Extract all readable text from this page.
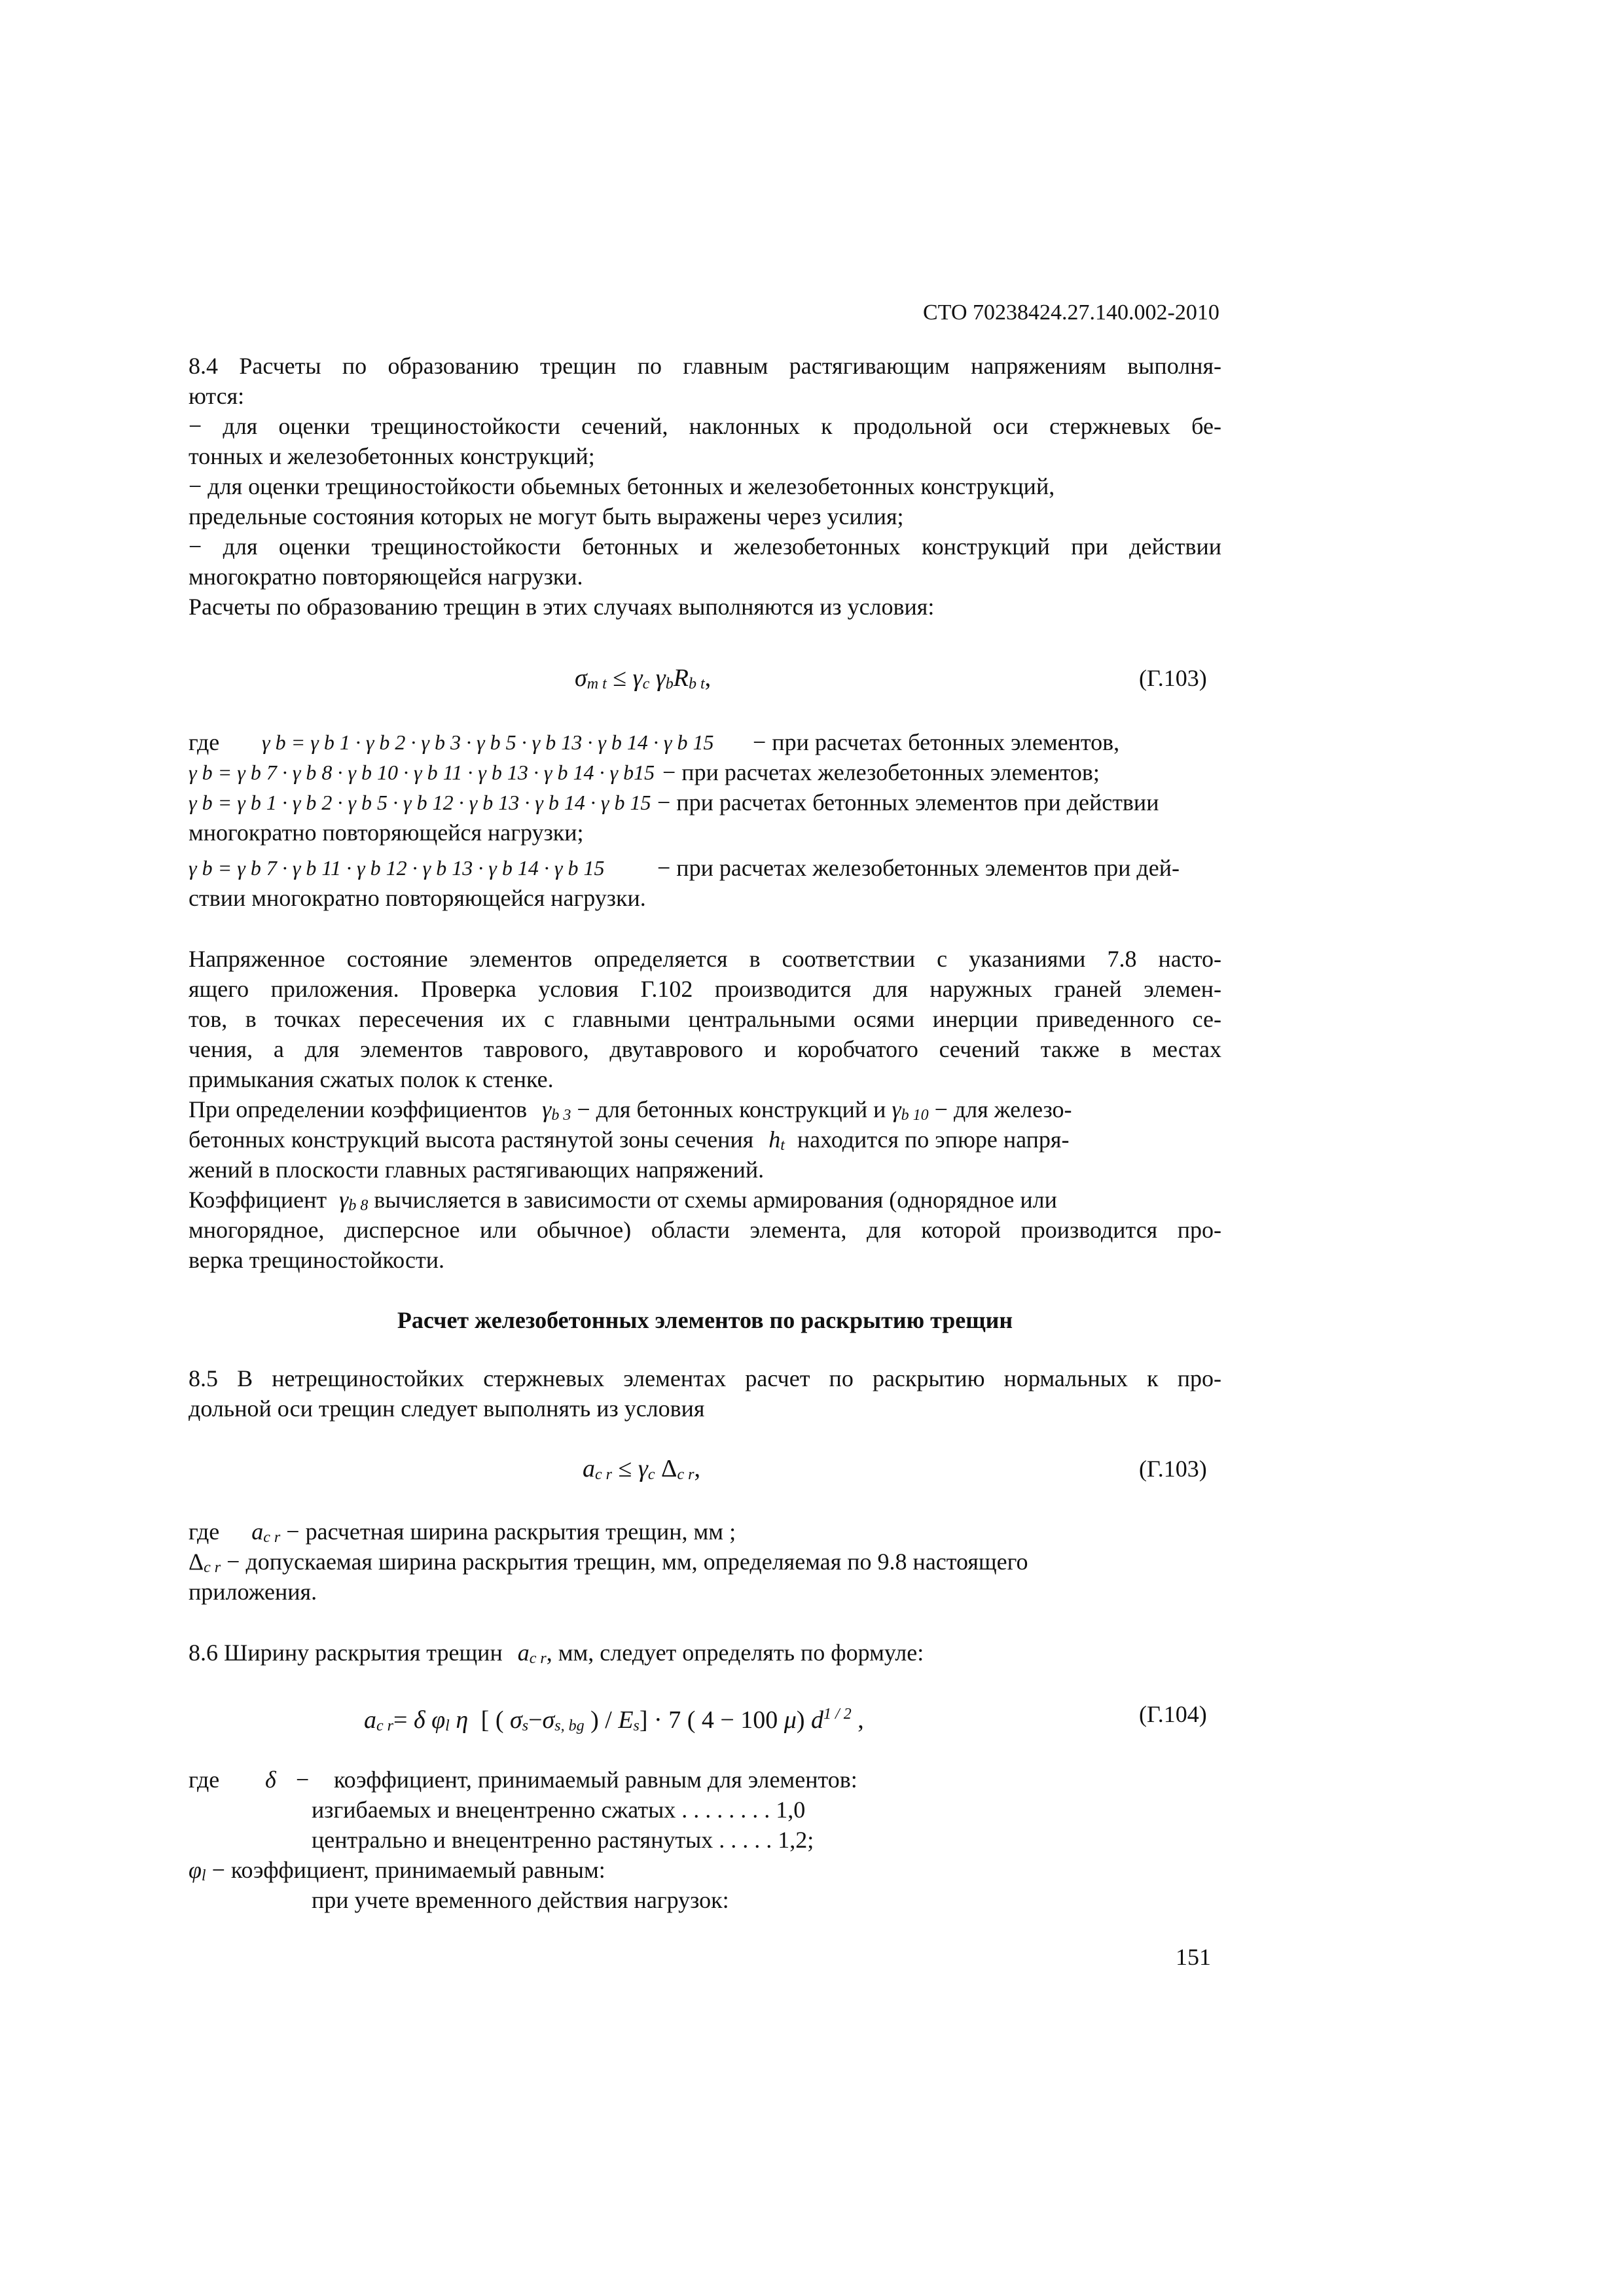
СТО 70238424.27.140.002-2010
8.4 Расчеты по образованию трещин по главным растягивающим напряжениям выполня-
ются:
− для оценки трещиностойкости сечений, наклонных к продольной оси стержневых бе-
тонных и железобетонных конструкций;
− для оценки трещиностойкости обьемных бетонных и железобетонных конструкций,
предельные состояния которых не могут быть выражены через усилия;
− для оценки трещиностойкости бетонных и железобетонных конструкций при действии
многократно повторяющейся нагрузки.
Расчеты по образованию трещин в этих случаях выполняются из условия:
σm t ≤ γc γbRb t,	(Г.103)
где γ b = γ b 1 · γ b 2 · γ b 3 · γ b 5 · γ b 13 · γ b 14 · γ b 15 − при расчетах бетонных элементов,
γ b = γ b 7 · γ b 8 · γ b 10 · γ b 11 · γ b 13 · γ b 14 · γ b15 − при расчетах железобетонных элементов;
γ b = γ b 1 · γ b 2 · γ b 5 · γ b 12 · γ b 13 · γ b 14 · γ b 15 − при расчетах бетонных элементов при действии
многократно повторяющейся нагрузки;
γ b = γ b 7 · γ b 11 · γ b 12 · γ b 13 · γ b 14 · γ b 15 − при расчетах железобетонных элементов при дей-
ствии многократно повторяющейся нагрузки.
Напряженное состояние элементов определяется в соответствии с указаниями 7.8 насто-
ящего приложения. Проверка условия Г.102 производится для наружных граней элемен-
тов, в точках пересечения их с главными центральными осями инерции приведенного се-
чения, а для элементов таврового, двутаврового и коробчатого сечений также в местах
примыкания сжатых полок к стенке.
При определении коэффициентов γb 3 − для бетонных конструкций и γb 10 − для железо-
бетонных конструкций высота растянутой зоны сечения ht находится по эпюре напря-
жений в плоскости главных растягивающих напряжений.
Коэффициент γb 8 вычисляется в зависимости от схемы армирования (однорядное или
многорядное, дисперсное или обычное) области элемента, для которой производится про-
верка трещиностойкости.
Расчет железобетонных элементов по раскрытию трещин
8.5 В нетрещиностойких стержневых элементах расчет по раскрытию нормальных к про-
дольной оси трещин следует выполнять из условия
ac r ≤ γc Δc r,	(Г.103)
где ac r − расчетная ширина раскрытия трещин, мм ;
Δc r − допускаемая ширина раскрытия трещин, мм, определяемая по 9.8 настоящего
приложения.
8.6 Ширину раскрытия трещин ac r, мм, следует определять по формуле:
ac r= δ φl η [ ( σs−σs, bg ) / Es] · 7 ( 4 − 100 μ) $d^{1 / 2}$ ,	(Г.104)
где δ − коэффициент, принимаемый равным для элементов:
изгибаемых и внецентренно сжатых . . . . . . . . 1,0
центрально и внецентренно растянутых . . . . . 1,2;
φl − коэффициент, принимаемый равным:
при учете временного действия нагрузок:
151
